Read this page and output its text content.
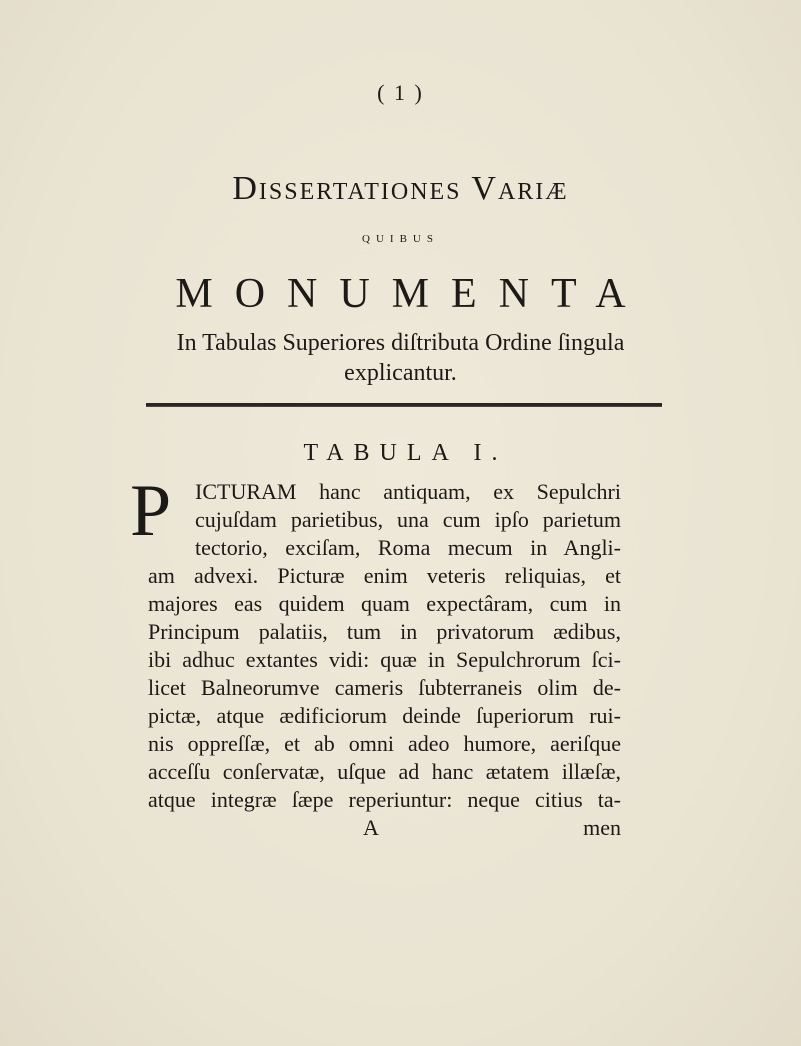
( 1 )
Dissertationes Variæ
quibus
MONUMENTA
In Tabulas Superiores diſtributa Ordine ſingula
explicantur.
TABULA I.
P ICTURAM hanc antiquam, ex Sepulchri
cujuſdam parietibus, una cum ipſo parietum
tectorio, exciſam, Roma mecum in Angli-
am advexi. Picturæ enim veteris reliquias, et
majores eas quidem quam expectâram, cum in
Principum palatiis, tum in privatorum ædibus,
ibi adhuc extantes vidi: quæ in Sepulchrorum ſci-
licet Balneorumve cameris ſubterraneis olim de-
pictæ, atque ædificiorum deinde ſuperiorum rui-
nis oppreſſæ, et ab omni adeo humore, aeriſque
acceſſu conſervatæ, uſque ad hanc ætatem illæſæ,
atque integræ ſæpe reperiuntur: neque citius ta-
A	men
